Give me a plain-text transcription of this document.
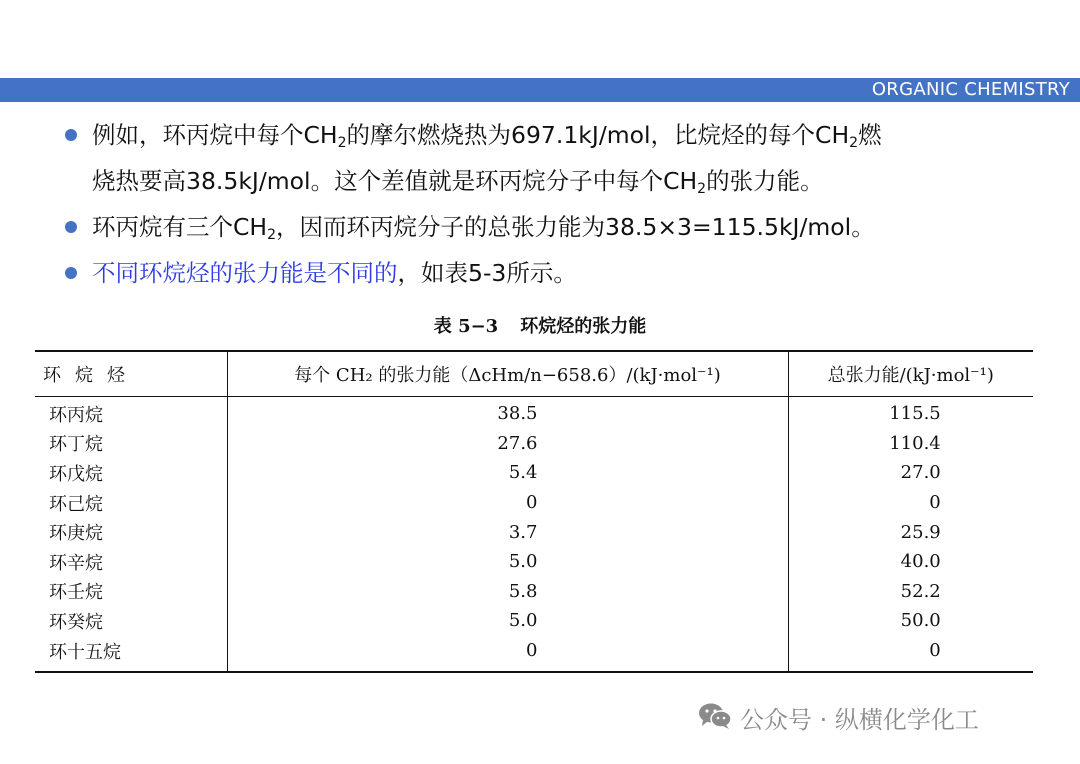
ORGANIC CHEMISTRY
例如，环丙烷中每个$CH_2$的摩尔燃烧热为697.1kJ/mol，比烷烃的每个$CH_2$燃
烧热要高38.5kJ/mol。这个差值就是环丙烷分子中每个$CH_2$的张力能。
环丙烷有三个$CH_2$，因而环丙烷分子的总张力能为38.5×3=115.5kJ/mol。
不同环烷烃的张力能是不同的，如表5-3所示。
表 5−3 环烷烃的张力能
环烷烃	每个 CH₂ 的张力能（ΔcHm/n−658.6）/(kJ·mol⁻¹)	总张力能/(kJ·mol⁻¹)
环丙烷	38.5	115.5
环丁烷	27.6	110.4
环戊烷	5.4	27.0
环己烷	0	0
环庚烷	3.7	25.9
环辛烷	5.0	40.0
环壬烷	5.8	52.2
环癸烷	5.0	50.0
环十五烷	0	0
公众号 · 纵横化学化工
